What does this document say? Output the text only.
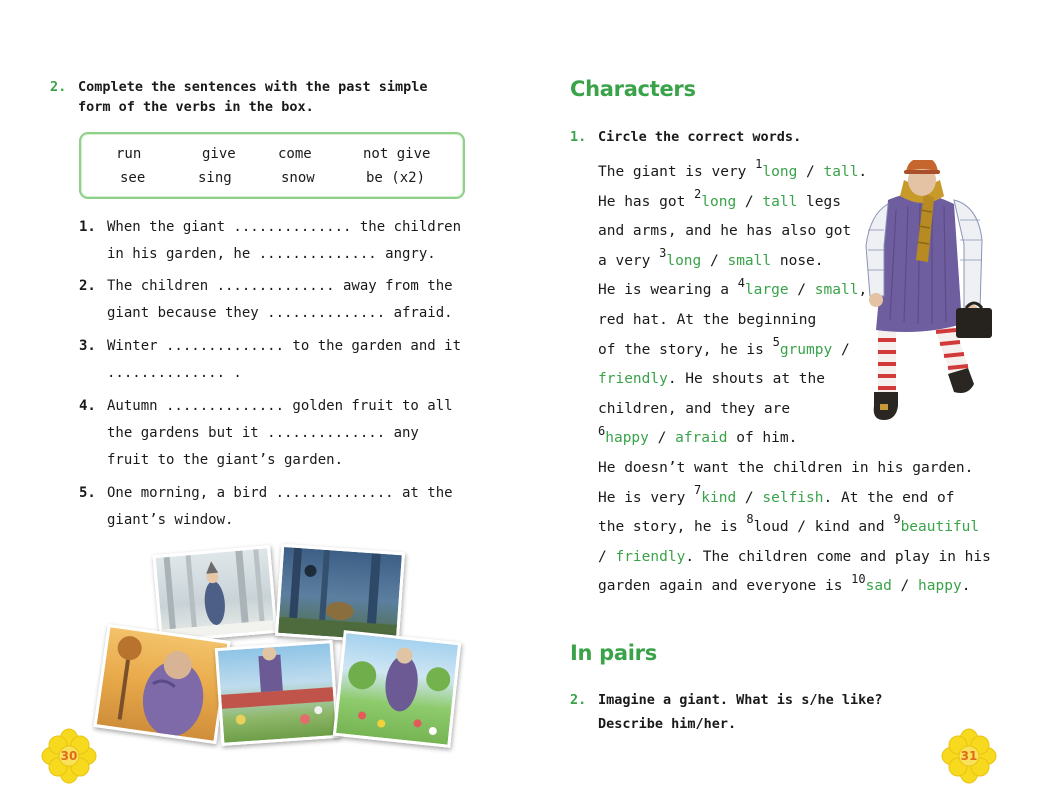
2. Complete the sentences with the past simple
form of the verbs in the box.
run	give	come	not give
see	sing	snow	be (x2)
1. When the giant .............. the children
in his garden, he .............. angry.
2. The children .............. away from the
giant because they .............. afraid.
3. Winter .............. to the garden and it
.............. .
4. Autumn .............. golden fruit to all
the gardens but it .............. any
fruit to the giant’s garden.
5. One morning, a bird .............. at the
giant’s window.
30
Characters
1. Circle the correct words.
The giant is very $^1$long / tall.
He has got $^2$long / tall legs
and arms, and he has also got
a very $^3$long / small nose.
He is wearing a $^4$large / small,
red hat. At the beginning
of the story, he is $^5$grumpy /
friendly. He shouts at the
children, and they are
$^6$happy / afraid of him.
He doesn’t want the children in his garden.
He is very $^7$kind / selfish. At the end of
the story, he is $^8$loud / kind and $^9$beautiful
/ friendly. The children come and play in his
garden again and everyone is $^{10}$sad / happy.
In pairs
2. Imagine a giant. What is s/he like?
Describe him/her.
31
